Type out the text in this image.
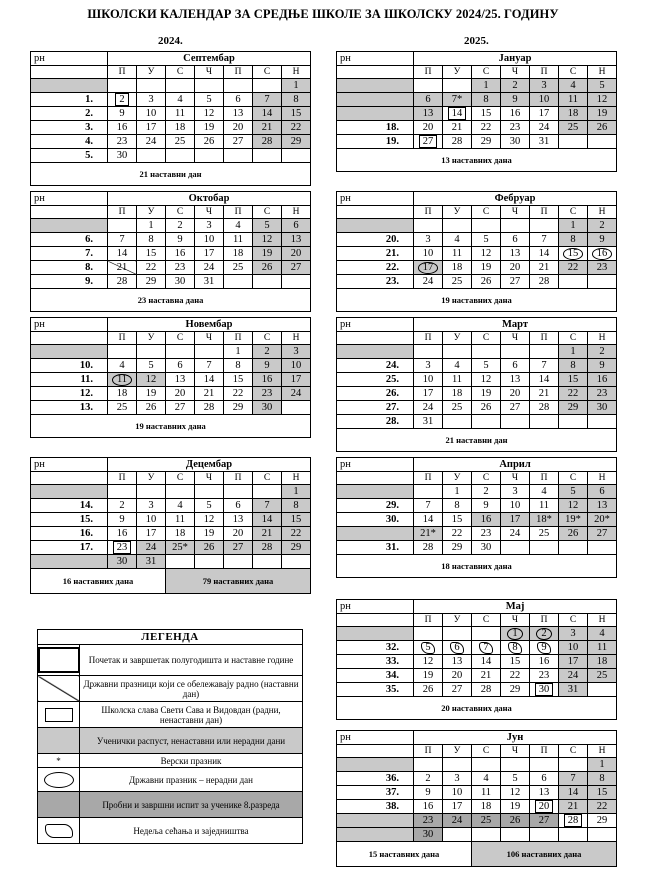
ШКОЛСКИ КАЛЕНДАР ЗА СРЕДЊЕ ШКОЛЕ ЗА ШКОЛСКУ 2024/25. ГОДИНУ
2024.	2025.
рн	Септембар						
	П	У	С	Ч	П	С	Н
							1
1.	2	3	4	5	6	7	8
2.	9	10	11	12	13	14	15
3.	16	17	18	19	20	21	22
4.	23	24	25	26	27	28	29
5.	30						
21 наставни дан							
рн	Октобар						
	П	У	С	Ч	П	С	Н
		1	2	3	4	5	6
6.	7	8	9	10	11	12	13
7.	14	15	16	17	18	19	20
8.	21	22	23	24	25	26	27
9.	28	29	30	31			
23 наставна дана							
рн	Новембар						
	П	У	С	Ч	П	С	Н
					1	2	3
10.	4	5	6	7	8	9	10
11.	11	12	13	14	15	16	17
12.	18	19	20	21	22	23	24
13.	25	26	27	28	29	30	
19 наставних дана							
рн	Децембар						
	П	У	С	Ч	П	С	Н
							1
14.	2	3	4	5	6	7	8
15.	9	10	11	12	13	14	15
16.	16	17	18	19	20	21	22
17.	23	24	25*	26	27	28	29
	30	31					
16 наставних дана			79 наставних дана				
рн	Јануар						
	П	У	С	Ч	П	С	Н
			1	2	3	4	5
	6	7*	8	9	10	11	12
	13	14	15	16	17	18	19
18.	20	21	22	23	24	25	26
19.	27	28	29	30	31		
13 наставних дана							
рн	Фебруар						
	П	У	С	Ч	П	С	Н
						1	2
20.	3	4	5	6	7	8	9
21.	10	11	12	13	14	15	16
22.	17	18	19	20	21	22	23
23.	24	25	26	27	28		
19 наставних дана							
рн	Март						
	П	У	С	Ч	П	С	Н
						1	2
24.	3	4	5	6	7	8	9
25.	10	11	12	13	14	15	16
26.	17	18	19	20	21	22	23
27.	24	25	26	27	28	29	30
28.	31						
21 наставни дан							
рн	Април						
	П	У	С	Ч	П	С	Н
		1	2	3	4	5	6
29.	7	8	9	10	11	12	13
30.	14	15	16	17	18*	19*	20*
	21*	22	23	24	25	26	27
31.	28	29	30				
18 наставних дана							
рн	Мај						
	П	У	С	Ч	П	С	Н
				1	2	3	4
32.	5	6	7	8	9	10	11
33.	12	13	14	15	16	17	18
34.	19	20	21	22	23	24	25
35.	26	27	28	29	30	31	
20 наставних дана							
рн	Јун						
	П	У	С	Ч	П	С	Н
							1
36.	2	3	4	5	6	7	8
37.	9	10	11	12	13	14	15
38.	16	17	18	19	20	21	22
	23	24	25	26	27	28	29
	30						
15 наставних дана			106 наставних дана				
ЛЕГЕНДА	

	Почетак и завршетак полугодишта и наставне године
	Државни празници који се обележавају радно (наставни дан)

	Школска слава Свети Сава и Видовдан (радни, ненаставни дан)
	Ученички распуст, ненаставни или нерадни дани
*	Верски празник

	Државни празник – нерадни дан
	Пробни и завршни испит за ученике 8.разреда

	Недеља сећања и заједништва
